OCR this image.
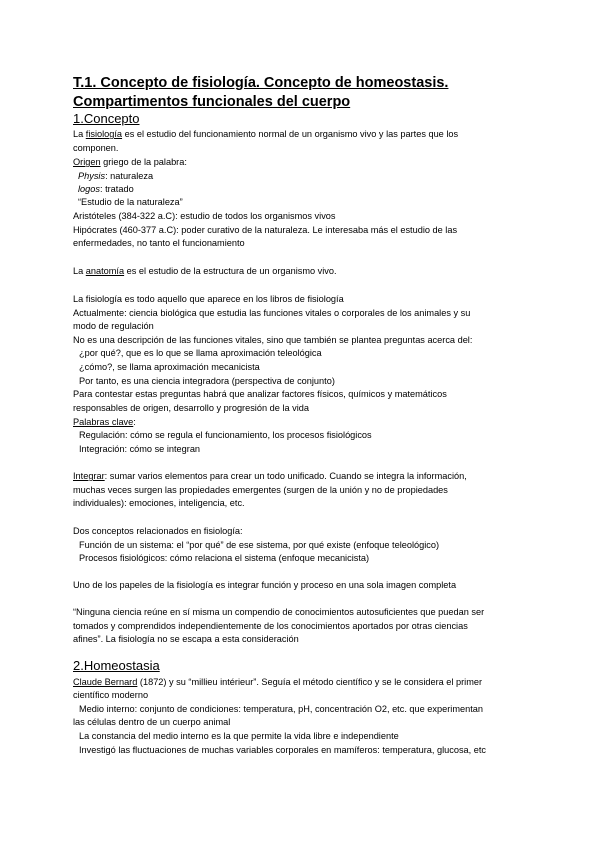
T.1. Concepto de fisiología. Concepto de homeostasis.
Compartimentos funcionales del cuerpo
1.Concepto
La fisiología es el estudio del funcionamiento normal de un organismo vivo y las partes que los
componen.
Origen griego de la palabra:
Physis: naturaleza
logos: tratado
“Estudio de la naturaleza”
Aristóteles (384-322 a.C): estudio de todos los organismos vivos
Hipócrates (460-377 a.C): poder curativo de la naturaleza. Le interesaba más el estudio de las
enfermedades, no tanto el funcionamiento
La anatomía es el estudio de la estructura de un organismo vivo.
La fisiología es todo aquello que aparece en los libros de fisiología
Actualmente: ciencia biológica que estudia las funciones vitales o corporales de los animales y su
modo de regulación
No es una descripción de las funciones vitales, sino que también se plantea preguntas acerca del:
¿por qué?, que es lo que se llama aproximación teleológica
¿cómo?, se llama aproximación mecanicista
Por tanto, es una ciencia integradora (perspectiva de conjunto)
Para contestar estas preguntas habrá que analizar factores físicos, químicos y matemáticos
responsables de origen, desarrollo y progresión de la vida
Palabras clave:
Regulación: cómo se regula el funcionamiento, los procesos fisiológicos
Integración: cómo se integran
Integrar: sumar varios elementos para crear un todo unificado. Cuando se integra la información,
muchas veces surgen las propiedades emergentes (surgen de la unión y no de propiedades
individuales): emociones, inteligencia, etc.
Dos conceptos relacionados en fisiología:
Función de un sistema: el “por qué” de ese sistema, por qué existe (enfoque teleológico)
Procesos fisiológicos: cómo relaciona el sistema (enfoque mecanicista)
Uno de los papeles de la fisiología es integrar función y proceso en una sola imagen completa
“Ninguna ciencia reúne en sí misma un compendio de conocimientos autosuficientes que puedan ser
tomados y comprendidos independientemente de los conocimientos aportados por otras ciencias
afines”. La fisiología no se escapa a esta consideración
2.Homeostasia
Claude Bernard (1872) y su “millieu intérieur”. Seguía el método científico y se le considera el primer
científico moderno
Medio interno: conjunto de condiciones: temperatura, pH, concentración O2, etc. que experimentan
las células dentro de un cuerpo animal
La constancia del medio interno es la que permite la vida libre e independiente
Investigó las fluctuaciones de muchas variables corporales en mamíferos: temperatura, glucosa, etc
